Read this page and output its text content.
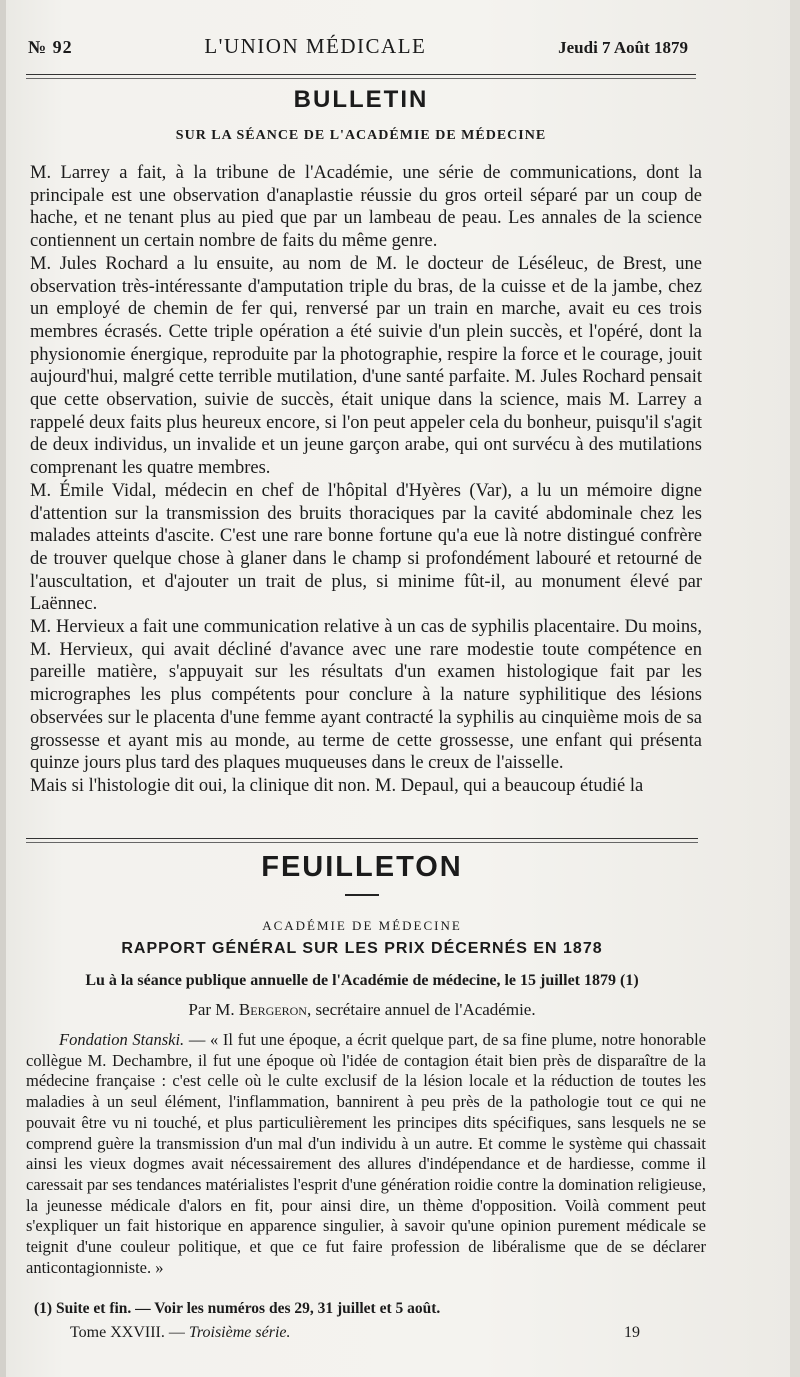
№ 92	L'UNION MÉDICALE	Jeudi 7 Août 1879
BULLETIN
SUR LA SÉANCE DE L'ACADÉMIE DE MÉDECINE

M. Larrey a fait, à la tribune de l'Académie, une série de communications, dont la principale est une observation d'anaplastie réussie du gros orteil séparé par un coup de hache, et ne tenant plus au pied que par un lambeau de peau. Les annales de la science contiennent un certain nombre de faits du même genre.

M. Jules Rochard a lu ensuite, au nom de M. le docteur de Léséleuc, de Brest, une observation très-intéressante d'amputation triple du bras, de la cuisse et de la jambe, chez un employé de chemin de fer qui, renversé par un train en marche, avait eu ces trois membres écrasés. Cette triple opération a été suivie d'un plein succès, et l'opéré, dont la physionomie énergique, reproduite par la photographie, respire la force et le courage, jouit aujourd'hui, malgré cette terrible mutilation, d'une santé parfaite. M. Jules Rochard pensait que cette observation, suivie de succès, était unique dans la science, mais M. Larrey a rappelé deux faits plus heureux encore, si l'on peut appeler cela du bonheur, puisqu'il s'agit de deux individus, un invalide et un jeune garçon arabe, qui ont survécu à des mutilations comprenant les quatre membres.

M. Émile Vidal, médecin en chef de l'hôpital d'Hyères (Var), a lu un mémoire digne d'attention sur la transmission des bruits thoraciques par la cavité abdominale chez les malades atteints d'ascite. C'est une rare bonne fortune qu'a eue là notre distingué confrère de trouver quelque chose à glaner dans le champ si profondément labouré et retourné de l'auscultation, et d'ajouter un trait de plus, si minime fût-il, au monument élevé par Laënnec.

M. Hervieux a fait une communication relative à un cas de syphilis placentaire. Du moins, M. Hervieux, qui avait décliné d'avance avec une rare modestie toute compétence en pareille matière, s'appuyait sur les résultats d'un examen histologique fait par les micrographes les plus compétents pour conclure à la nature syphilitique des lésions observées sur le placenta d'une femme ayant contracté la syphilis au cinquième mois de sa grossesse et ayant mis au monde, au terme de cette grossesse, une enfant qui présenta quinze jours plus tard des plaques muqueuses dans le creux de l'aisselle.

Mais si l'histologie dit oui, la clinique dit non. M. Depaul, qui a beaucoup étudié la

FEUILLETON
ACADÉMIE DE MÉDECINE
RAPPORT GÉNÉRAL SUR LES PRIX DÉCERNÉS EN 1878
Lu à la séance publique annuelle de l'Académie de médecine, le 15 juillet 1879 (1)
Par M. Bergeron, secrétaire annuel de l'Académie.

  Fondation Stanski. — « Il fut une époque, a écrit quelque part, de sa fine plume, notre honorable collègue M. Dechambre, il fut une époque où l'idée de contagion était bien près de disparaître de la médecine française : c'est celle où le culte exclusif de la lésion locale et la réduction de toutes les maladies à un seul élément, l'inflammation, bannirent à peu près de la pathologie tout ce qui ne pouvait être vu ni touché, et plus particulièrement les principes dits spécifiques, sans lesquels ne se comprend guère la transmission d'un mal d'un individu à un autre. Et comme le système qui chassait ainsi les vieux dogmes avait nécessairement des allures d'indépendance et de hardiesse, comme il caressait par ses tendances matérialistes l'esprit d'une génération roidie contre la domination religieuse, la jeunesse médicale d'alors en fit, pour ainsi dire, un thème d'opposition. Voilà comment peut s'expliquer un fait historique en apparence singulier, à savoir qu'une opinion purement médicale se teignit d'une couleur politique, et que ce fut faire profession de libéralisme que de se déclarer anticontagionniste. »

(1) Suite et fin. — Voir les numéros des 29, 31 juillet et 5 août.
Tome XXVIII. — Troisième série.	19
